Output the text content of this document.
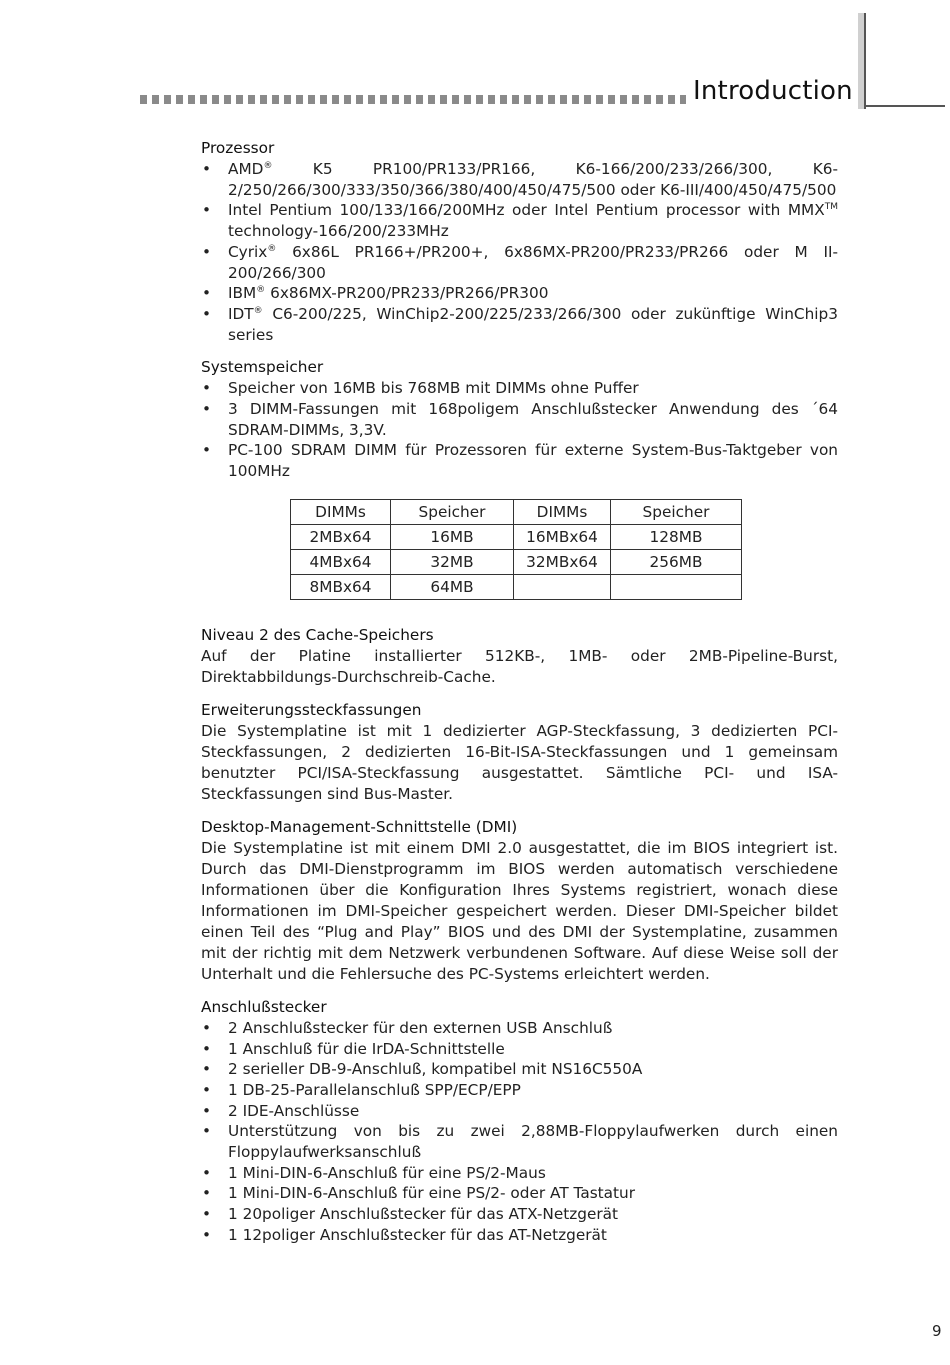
Introduction
Prozessor
• AMD® K5 PR100/PR133/PR166, K6-166/200/233/266/300, K6-2/250/266/300/333/350/366/380/400/450/475/500 oder K6-III/400/450/475/500
• Intel Pentium 100/133/166/200MHz oder Intel Pentium processor with MMX™ technology-166/200/233MHz
• Cyrix® 6x86L PR166+/PR200+, 6x86MX-PR200/PR233/PR266 oder M II-200/266/300
• IBM® 6x86MX-PR200/PR233/PR266/PR300
• IDT® C6-200/225, WinChip2-200/225/233/266/300 oder zukünftige WinChip3 series
Systemspeicher
• Speicher von 16MB bis 768MB mit DIMMs ohne Puffer
• 3 DIMM-Fassungen mit 168poligem Anschlußstecker Anwendung des ´64 SDRAM-DIMMs, 3,3V.
• PC-100 SDRAM DIMM für Prozessoren für externe System-Bus-Taktgeber von 100MHz
DIMMs	Speicher	DIMMs	Speicher
2MBx64	16MB	16MBx64	128MB
4MBx64	32MB	32MBx64	256MB
8MBx64	64MB		
Niveau 2 des Cache-Speichers

Auf der Platine installierter 512KB-, 1MB- oder 2MB-Pipeline-Burst, Direktabbildungs-Durchschreib-Cache.

Erweiterungssteckfassungen

Die Systemplatine ist mit 1 dedizierter AGP-Steckfassung, 3 dedizierten PCI-Steckfassungen, 2 dedizierten 16-Bit-ISA-Steckfassungen und 1 gemeinsam benutzter PCI/ISA-Steckfassung ausgestattet. Sämtliche PCI- und ISA-Steckfassungen sind Bus-Master.

Desktop-Management-Schnittstelle (DMI)

Die Systemplatine ist mit einem DMI 2.0 ausgestattet, die im BIOS integriert ist. Durch das DMI-Dienstprogramm im BIOS werden automatisch verschiedene Informationen über die Konfiguration Ihres Systems registriert, wonach diese Informationen im DMI-Speicher gespeichert werden. Dieser DMI-Speicher bildet einen Teil des “Plug and Play” BIOS und des DMI der Systemplatine, zusammen mit der richtig mit dem Netzwerk verbundenen Software. Auf diese Weise soll der Unterhalt und die Fehlersuche des PC-Systems erleichtert werden.

Anschlußstecker
• 2 Anschlußstecker für den externen USB Anschluß
• 1 Anschluß für die IrDA-Schnittstelle
• 2 serieller DB-9-Anschluß, kompatibel mit NS16C550A
• 1 DB-25-Parallelanschluß SPP/ECP/EPP
• 2 IDE-Anschlüsse
• Unterstützung von bis zu zwei 2,88MB-Floppylaufwerken durch einen Floppylaufwerksanschluß
• 1 Mini-DIN-6-Anschluß für eine PS/2-Maus
• 1 Mini-DIN-6-Anschluß für eine PS/2- oder AT Tastatur
• 1 20poliger Anschlußstecker für das ATX-Netzgerät
• 1 12poliger Anschlußstecker für das AT-Netzgerät
9
